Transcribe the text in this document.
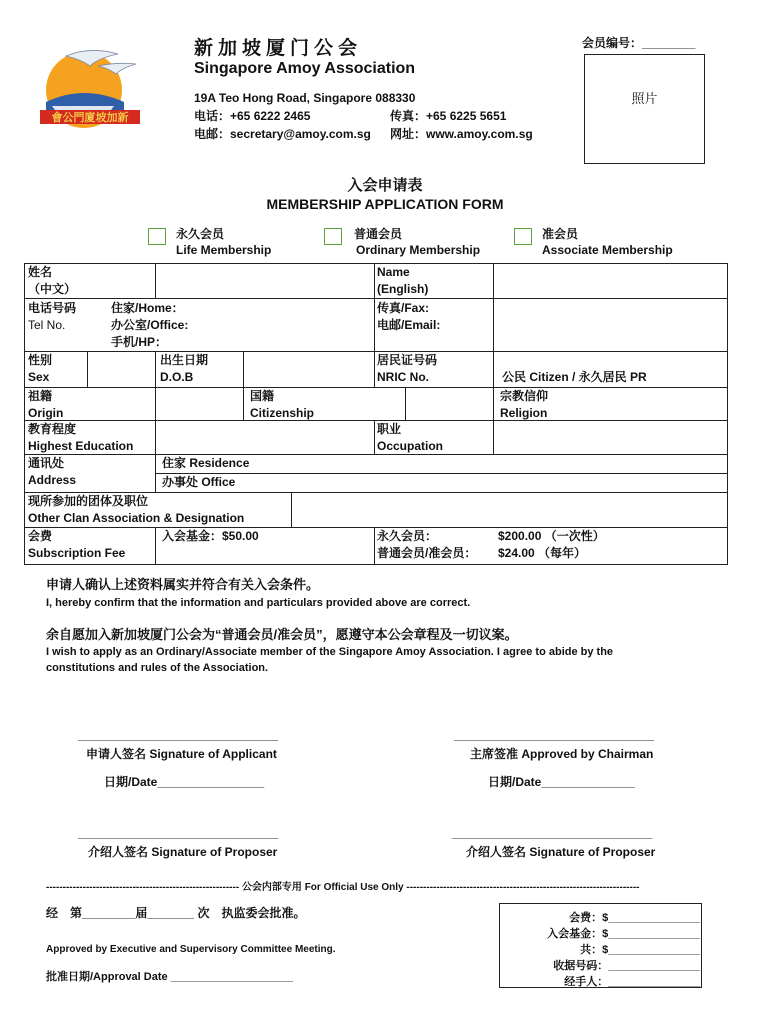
會公門廈坡加新
新加坡厦门公会
Singapore Amoy Association
19A Teo Hong Road, Singapore 088330
电话：+65 6222 2465
电邮：secretary@amoy.com.sg
传真：+65 6225 5651
网址：www.amoy.com.sg
会员编号：________
照片
入会申请表
MEMBERSHIP APPLICATION FORM
永久会员
Life Membership
普通会员
Ordinary Membership
准会员
Associate Membership
姓名
（中文）
Name
(English)
电话号码
Tel No.
住家/Home：
办公室/Office:
手机/HP：
传真/Fax:
电邮/Email:
性别
Sex
出生日期
D.O.B
居民证号码
NRIC No.	公民 Citizen / 永久居民 PR
祖籍
Origin
国籍
Citizenship
宗教信仰
Religion
教育程度
Highest Education
职业
Occupation
通讯处
Address
住家 Residence
办事处 Office
现所参加的团体及职位
Other Clan Association & Designation
会费
Subscription Fee
入会基金：$50.00	永久会员：
普通会员/准会员：
$200.00 （一次性）
$24.00 （每年）
申请人确认上述资料属实并符合有关入会条件。
I, hereby confirm that the information and particulars provided above are correct.
余自愿加入新加坡厦门公会为“普通会员/准会员”，愿遵守本公会章程及一切议案。
I wish to apply as an Ordinary/Associate member of the Singapore Amoy Association. I agree to abide by the
constitutions and rules of the Association.
______________________________
申请人签名 Signature of Applicant
日期/Date________________
______________________________
主席签准 Approved by Chairman
日期/Date______________
______________________________
介绍人签名 Signature of Proposer
______________________________
介绍人签名 Signature of Proposer
---------------------------------------------------------- 公会内部专用 For Official Use Only ----------------------------------------------------------------------
经　第________届_______ 次　执监委会批准。
Approved by Executive and Supervisory Committee Meeting.
批准日期/Approval Date ____________________
会费：$_______________
入会基金：$_______________
共：$_______________
收据号码：_______________
经手人：_______________
